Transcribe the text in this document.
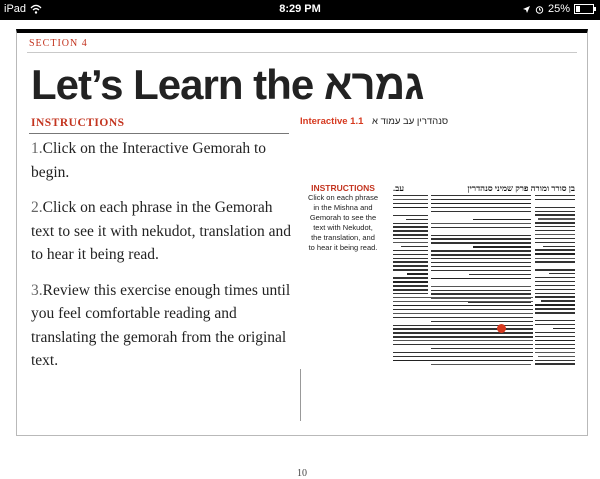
iPad	8:29 PM	25%
SECTION 4
Let’s Learn the גמרא
INSTRUCTIONS
1.Click on the Interactive Gemorah to begin.
2.Click on each phrase in the Gemorah text to see it with nekudot, translation and to hear it being read.
3.Review this exercise enough times until you feel comfortable reading and translating the gemorah from the original text.
Interactive 1.1 סנהדרין עב עמוד א
INSTRUCTIONS
Click on each phrase in the Mishna and Gemorah to see the text with Nekudot, the translation, and to hear it being read.
עב.	בן סורר ומורה פרק שמיני סנהדרין
10
